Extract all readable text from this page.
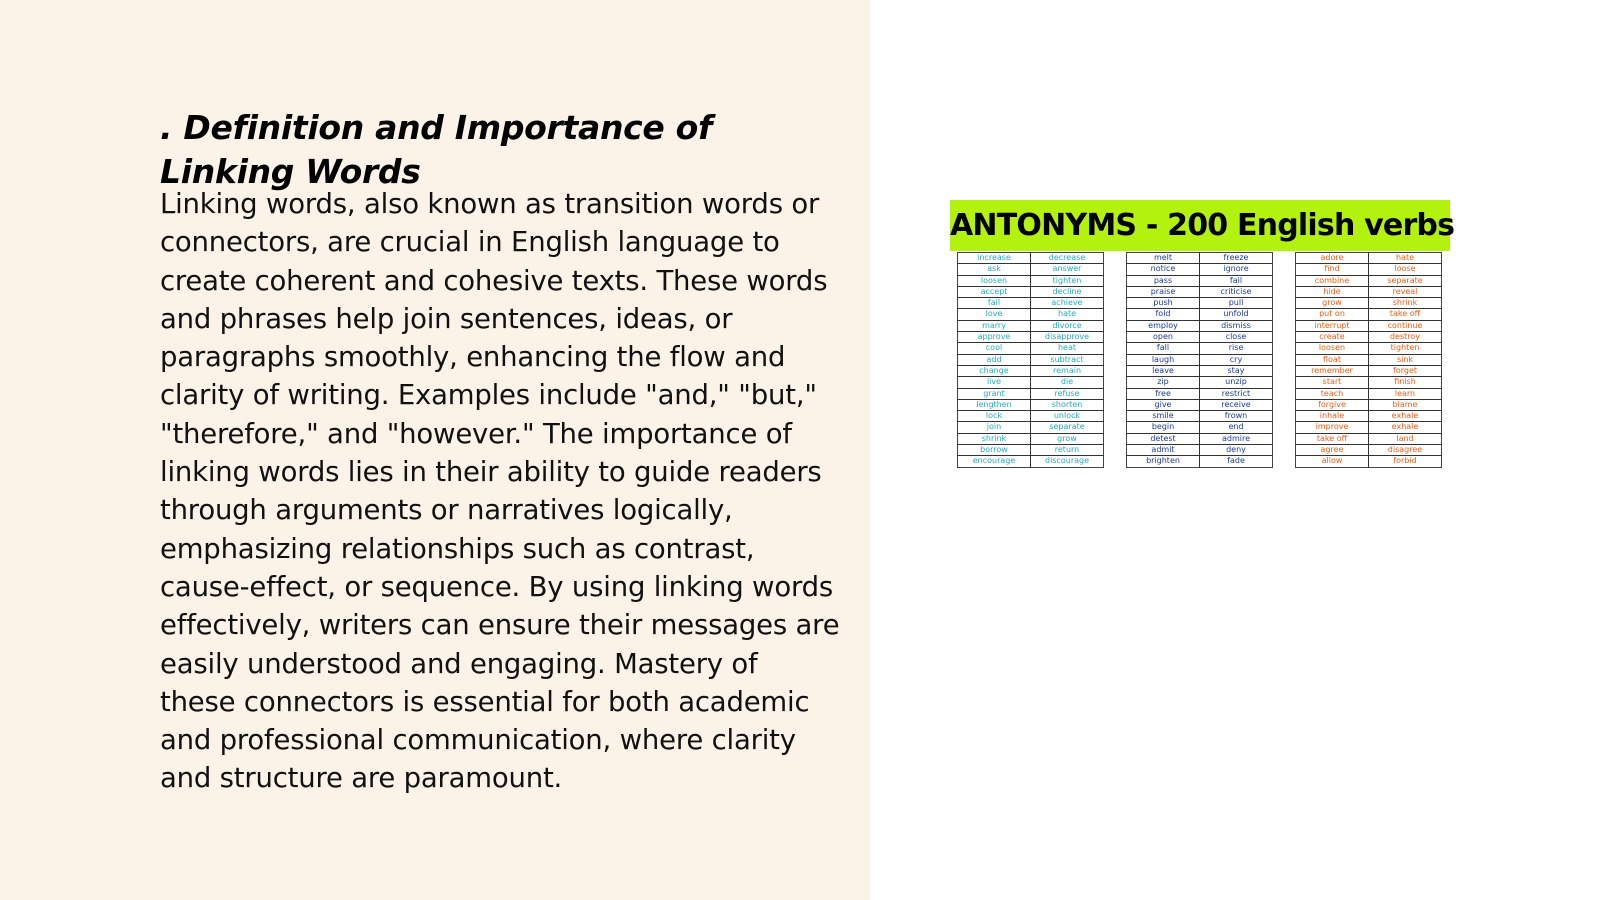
. Definition and Importance of Linking Words

Linking words, also known as transition words or connectors, are crucial in English language to create coherent and cohesive texts. These words and phrases help join sentences, ideas, or paragraphs smoothly, enhancing the flow and clarity of writing. Examples include "and," "but," "therefore," and "however." The importance of linking words lies in their ability to guide readers through arguments or narratives logically, emphasizing relationships such as contrast, cause-effect, or sequence. By using linking words effectively, writers can ensure their messages are easily understood and engaging. Mastery of these connectors is essential for both academic and professional communication, where clarity and structure are paramount.

ANTONYMS - 200 English verbs
increase	decrease
ask	answer
loosen	tighten
accept	decline
fail	achieve
love	hate
marry	divorce
approve	disapprove
cool	heat
add	subtract
change	remain
live	die
grant	refuse
lengthen	shorten
lock	unlock
join	separate
shrink	grow
borrow	return
encourage	discourage
melt	freeze
notice	ignore
pass	fail
praise	criticise
push	pull
fold	unfold
employ	dismiss
open	close
fall	rise
laugh	cry
leave	stay
zip	unzip
free	restrict
give	receive
smile	frown
begin	end
detest	admire
admit	deny
brighten	fade
adore	hate
find	loose
combine	separate
hide	reveal
grow	shrink
put on	take off
interrupt	continue
create	destroy
loosen	tighten
float	sink
remember	forget
start	finish
teach	learn
forgive	blame
inhale	exhale
improve	exhale
take off	land
agree	disagree
allow	forbid
